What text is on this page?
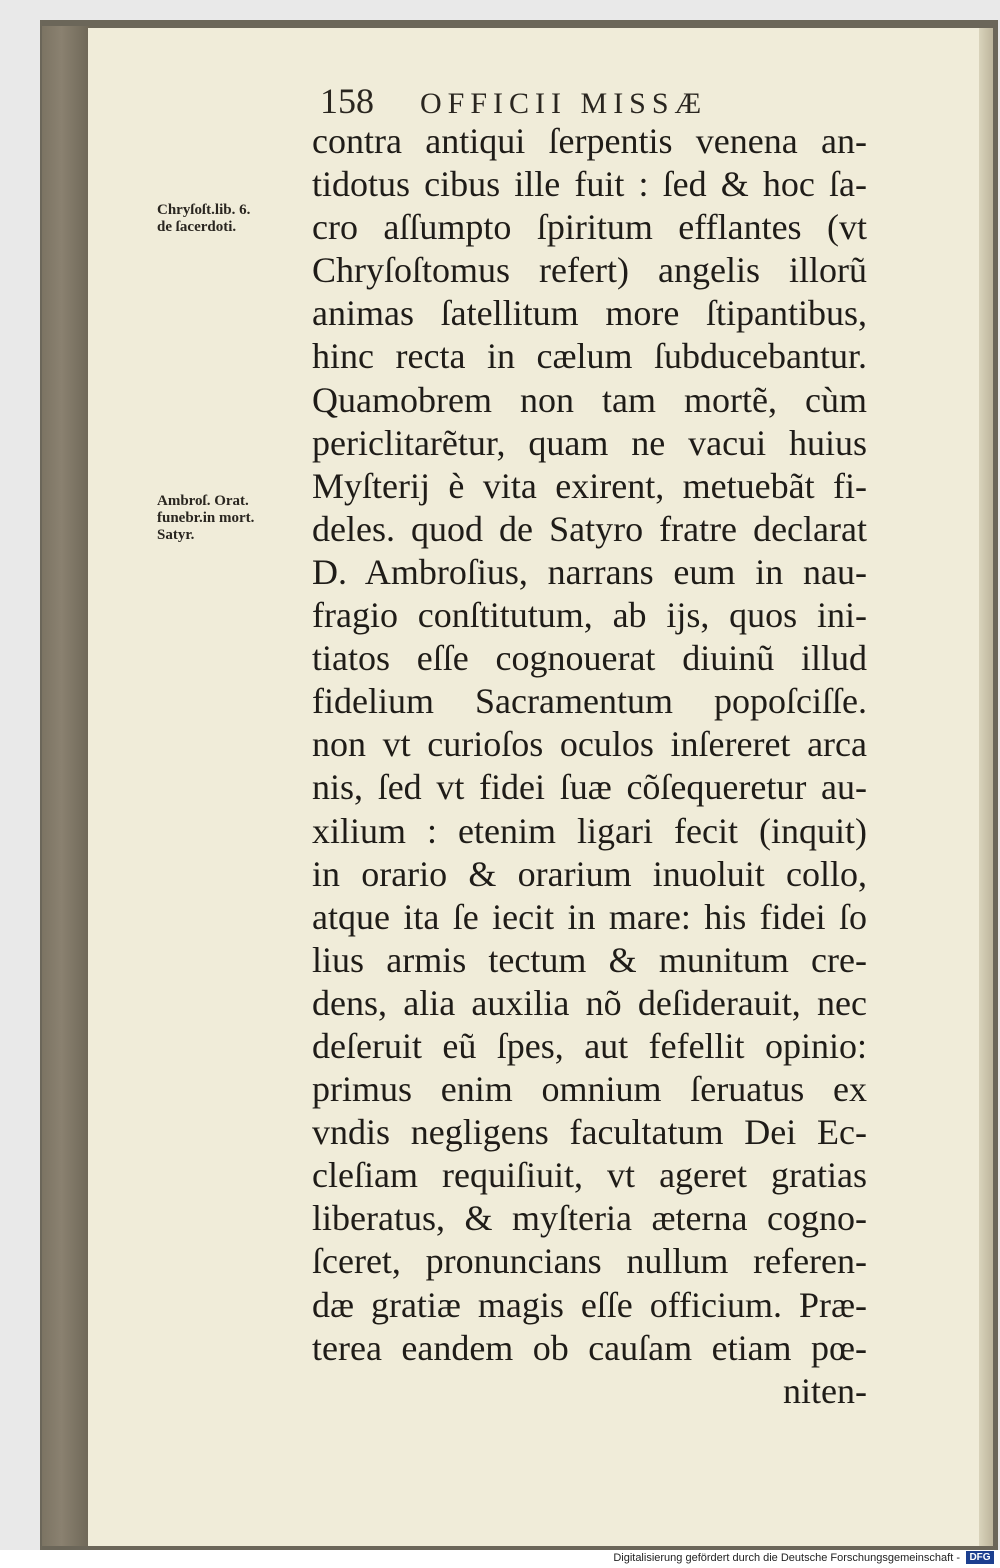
158 OFFICII MISSÆ
Chryſoſt.lib. 6.
de ſacerdoti.
Ambroſ. Orat.
funebr.in mort.
Satyr.
contra antiqui ſerpentis venena an-
tidotus cibus ille fuit : ſed & hoc ſa-
cro aſſumpto ſpiritum efflantes (vt
Chryſoſtomus refert) angelis illorũ
animas ſatellitum more ſtipantibus,
hinc recta in cælum ſubducebantur.
Quamobrem non tam mortẽ, cùm
periclitarẽtur, quam ne vacui huius
Myſterij è vita exirent, metuebãt fi-
deles. quod de Satyro fratre declarat
D. Ambroſius, narrans eum in nau-
fragio conſtitutum, ab ijs, quos ini-
tiatos eſſe cognouerat diuinũ illud
fidelium Sacramentum popoſciſſe.
non vt curioſos oculos inſereret arca
nis, ſed vt fidei ſuæ cõſequeretur au-
xilium : etenim ligari fecit (inquit)
in orario & orarium inuoluit collo,
atque ita ſe iecit in mare: his fidei ſo
lius armis tectum & munitum cre-
dens, alia auxilia nõ deſiderauit, nec
deſeruit eũ ſpes, aut fefellit opinio:
primus enim omnium ſeruatus ex
vndis negligens facultatum Dei Ec-
cleſiam requiſiuit, vt ageret gratias
liberatus, & myſteria æterna cogno-
ſceret, pronuncians nullum referen-
dæ gratiæ magis eſſe officium. Præ-
terea eandem ob cauſam etiam pœ-
niten-
Digitalisierung gefördert durch die Deutsche Forschungsgemeinschaft - DFG
